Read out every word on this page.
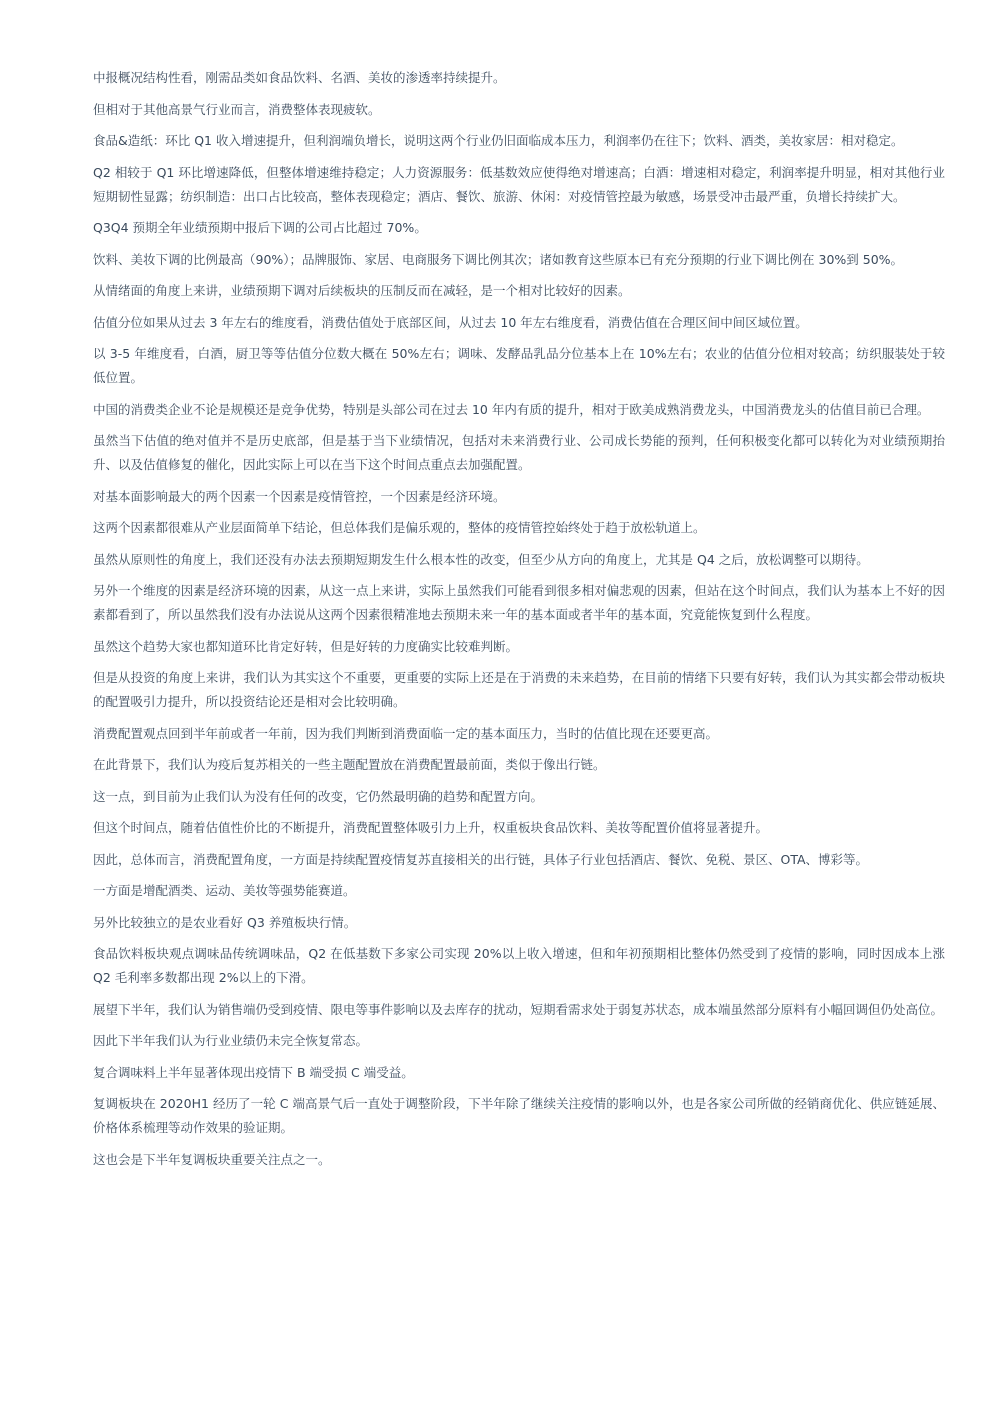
中报概况结构性看，刚需品类如食品饮料、名酒、美妆的渗透率持续提升。

但相对于其他高景气行业而言，消费整体表现疲软。

食品&造纸：环比 Q1 收入增速提升，但利润端负增长，说明这两个行业仍旧面临成本压力，利润率仍在往下；饮料、酒类，美妆家居：相对稳定。

Q2 相较于 Q1 环比增速降低，但整体增速维持稳定；人力资源服务：低基数效应使得绝对增速高；白酒：增速相对稳定，利润率提升明显，相对其他行业短期韧性显露；纺织制造：出口占比较高，整体表现稳定；酒店、餐饮、旅游、休闲：对疫情管控最为敏感，场景受冲击最严重，负增长持续扩大。

Q3Q4 预期全年业绩预期中报后下调的公司占比超过 70%。

饮料、美妆下调的比例最高（90%）；品牌服饰、家居、电商服务下调比例其次；诸如教育这些原本已有充分预期的行业下调比例在 30%到 50%。

从情绪面的角度上来讲，业绩预期下调对后续板块的压制反而在减轻，是一个相对比较好的因素。

估值分位如果从过去 3 年左右的维度看，消费估值处于底部区间，从过去 10 年左右维度看，消费估值在合理区间中间区域位置。

以 3-5 年维度看，白酒，厨卫等等估值分位数大概在 50%左右；调味、发酵品乳品分位基本上在 10%左右；农业的估值分位相对较高；纺织服装处于较低位置。

中国的消费类企业不论是规模还是竞争优势，特别是头部公司在过去 10 年内有质的提升，相对于欧美成熟消费龙头，中国消费龙头的估值目前已合理。

虽然当下估值的绝对值并不是历史底部，但是基于当下业绩情况，包括对未来消费行业、公司成长势能的预判，任何积极变化都可以转化为对业绩预期抬升、以及估值修复的催化，因此实际上可以在当下这个时间点重点去加强配置。

对基本面影响最大的两个因素一个因素是疫情管控，一个因素是经济环境。

这两个因素都很难从产业层面简单下结论，但总体我们是偏乐观的，整体的疫情管控始终处于趋于放松轨道上。

虽然从原则性的角度上，我们还没有办法去预期短期发生什么根本性的改变，但至少从方向的角度上，尤其是 Q4 之后，放松调整可以期待。

另外一个维度的因素是经济环境的因素，从这一点上来讲，实际上虽然我们可能看到很多相对偏悲观的因素，但站在这个时间点，我们认为基本上不好的因素都看到了，所以虽然我们没有办法说从这两个因素很精准地去预期未来一年的基本面或者半年的基本面，究竟能恢复到什么程度。

虽然这个趋势大家也都知道环比肯定好转，但是好转的力度确实比较难判断。

但是从投资的角度上来讲，我们认为其实这个不重要，更重要的实际上还是在于消费的未来趋势，在目前的情绪下只要有好转，我们认为其实都会带动板块的配置吸引力提升，所以投资结论还是相对会比较明确。

消费配置观点回到半年前或者一年前，因为我们判断到消费面临一定的基本面压力，当时的估值比现在还要更高。

在此背景下，我们认为疫后复苏相关的一些主题配置放在消费配置最前面，类似于像出行链。

这一点，到目前为止我们认为没有任何的改变，它仍然最明确的趋势和配置方向。

但这个时间点，随着估值性价比的不断提升，消费配置整体吸引力上升，权重板块食品饮料、美妆等配置价值将显著提升。

因此，总体而言，消费配置角度，一方面是持续配置疫情复苏直接相关的出行链，具体子行业包括酒店、餐饮、免税、景区、OTA、博彩等。

一方面是增配酒类、运动、美妆等强势能赛道。

另外比较独立的是农业看好 Q3 养殖板块行情。

食品饮料板块观点调味品传统调味品，Q2 在低基数下多家公司实现 20%以上收入增速，但和年初预期相比整体仍然受到了疫情的影响，同时因成本上涨 Q2 毛利率多数都出现 2%以上的下滑。

展望下半年，我们认为销售端仍受到疫情、限电等事件影响以及去库存的扰动，短期看需求处于弱复苏状态，成本端虽然部分原料有小幅回调但仍处高位。

因此下半年我们认为行业业绩仍未完全恢复常态。

复合调味料上半年显著体现出疫情下 B 端受损 C 端受益。

复调板块在 2020H1 经历了一轮 C 端高景气后一直处于调整阶段，下半年除了继续关注疫情的影响以外，也是各家公司所做的经销商优化、供应链延展、价格体系梳理等动作效果的验证期。

这也会是下半年复调板块重要关注点之一。
